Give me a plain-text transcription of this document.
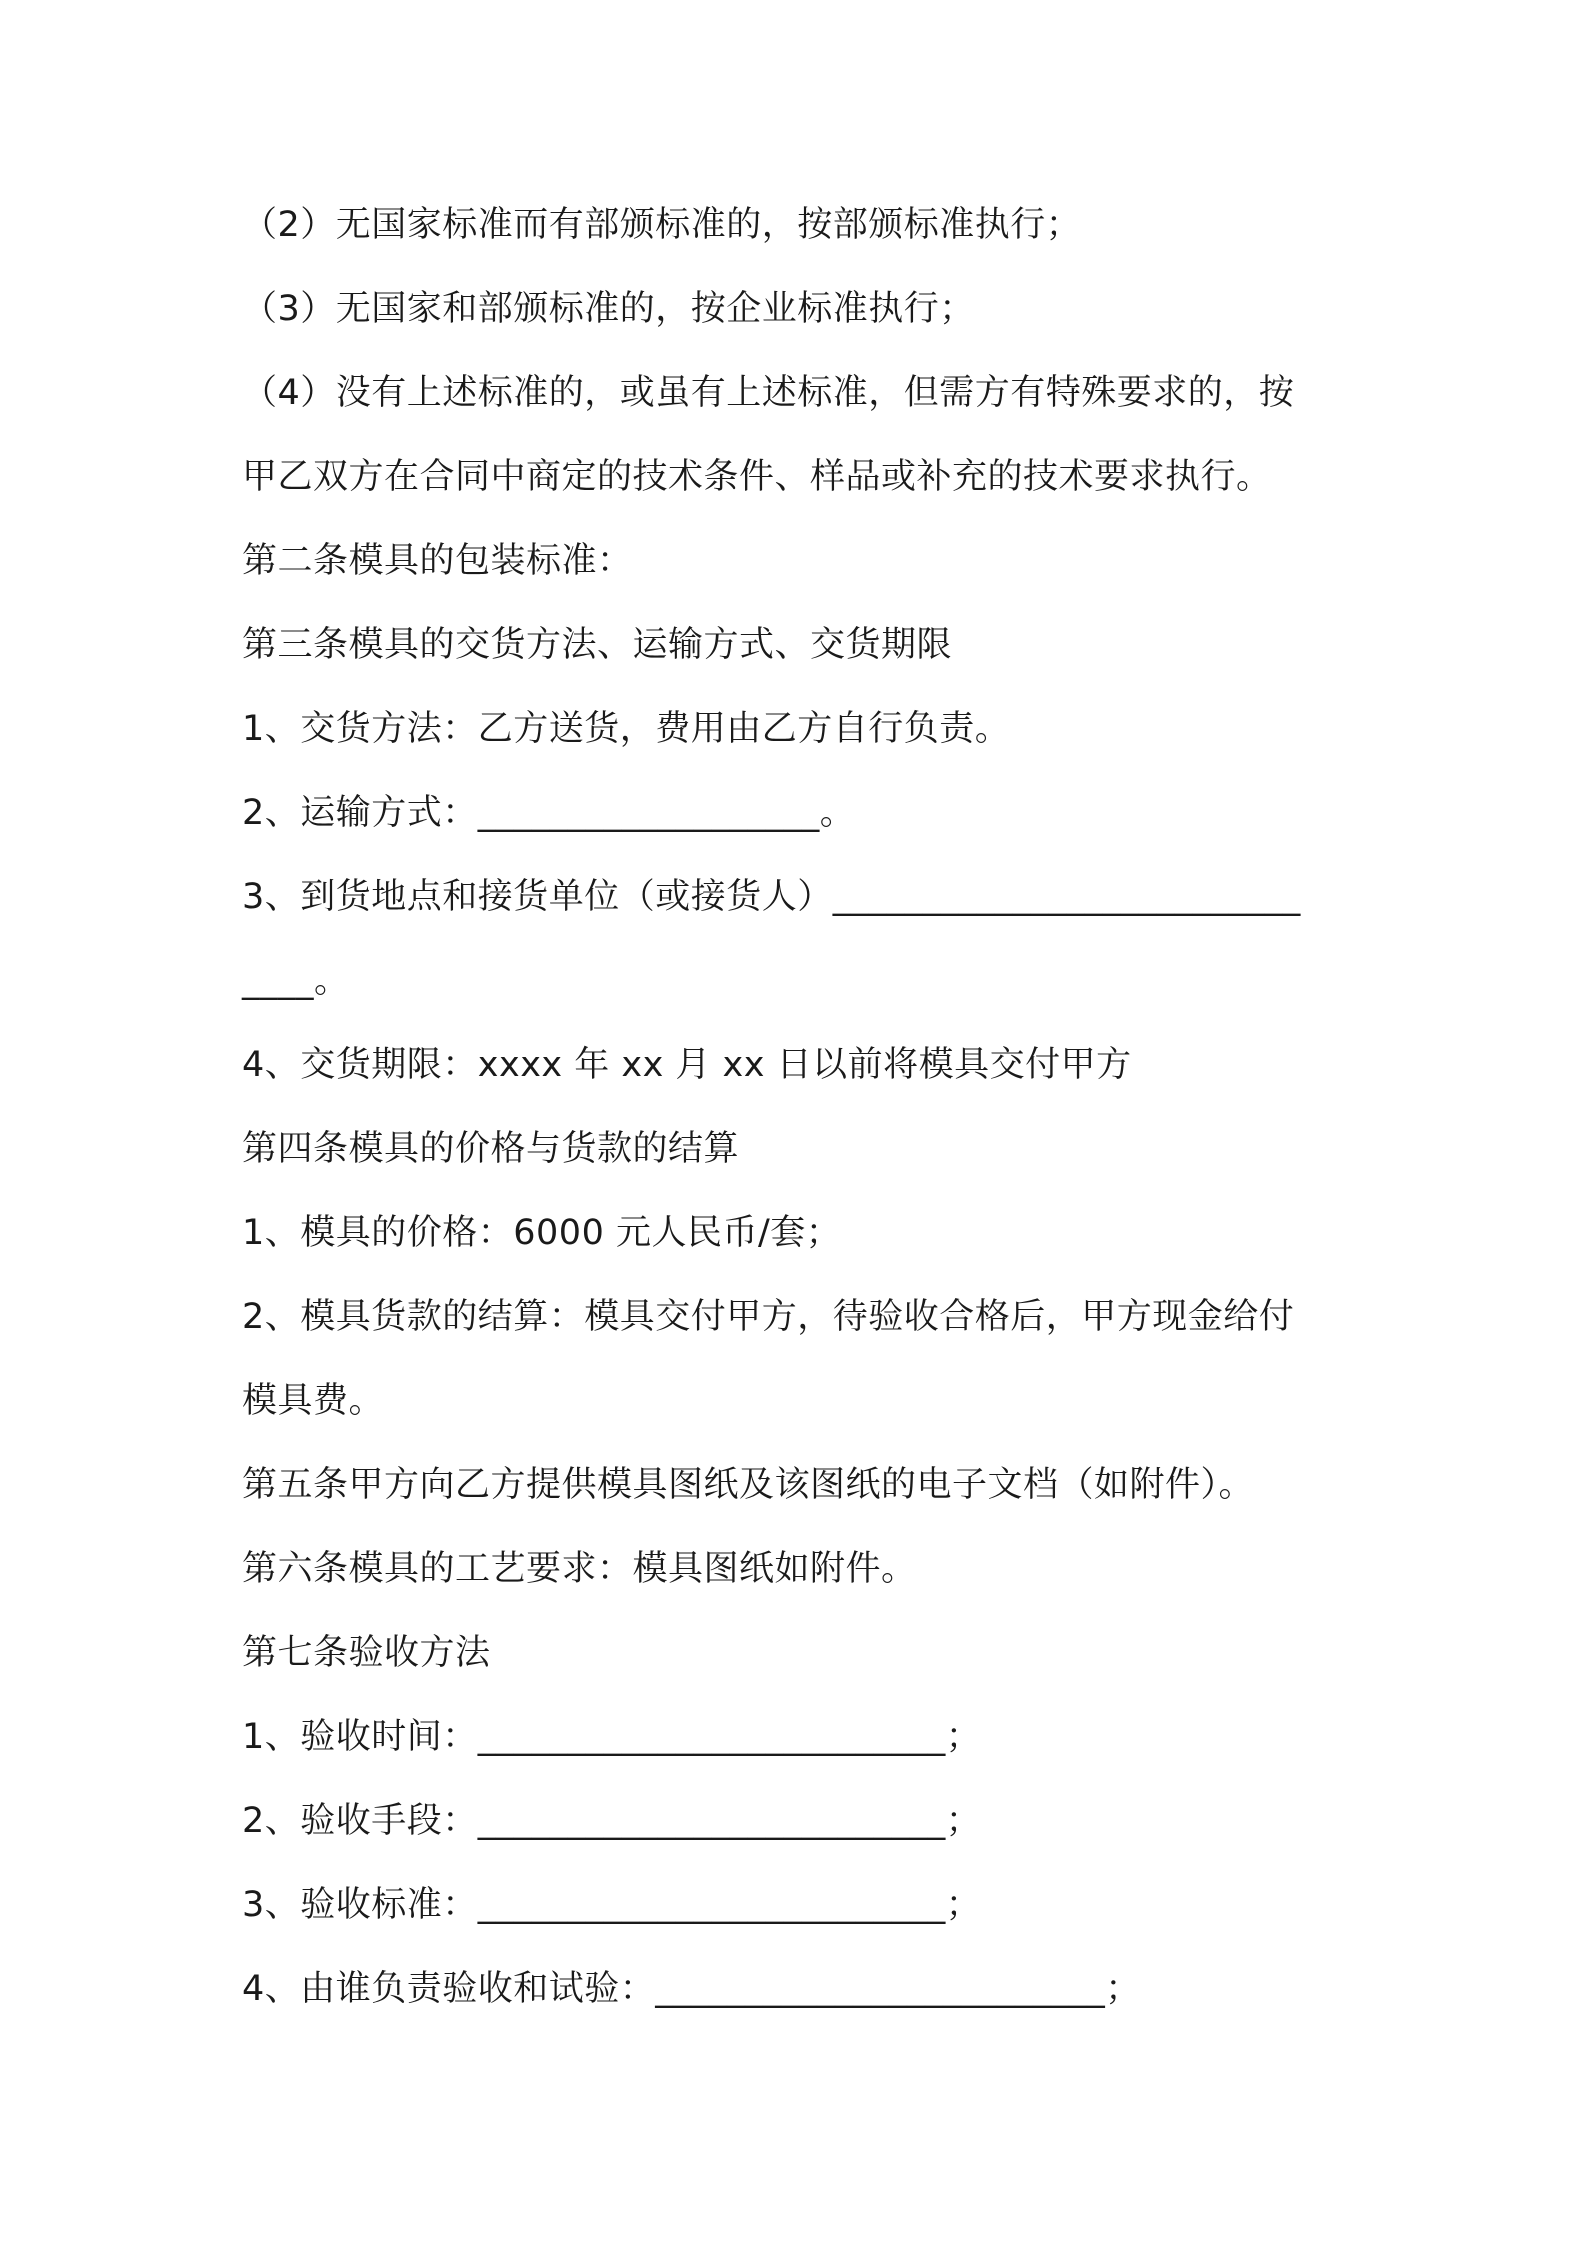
（2）无国家标准而有部颁标准的，按部颁标准执行；
（3）无国家和部颁标准的，按企业标准执行；
（4）没有上述标准的，或虽有上述标准，但需方有特殊要求的，按
甲乙双方在合同中商定的技术条件、样品或补充的技术要求执行。
第二条模具的包装标准：
第三条模具的交货方法、运输方式、交货期限
1、交货方法：乙方送货，费用由乙方自行负责。
2、运输方式：___________________。
3、到货地点和接货单位（或接货人）__________________________
____。
4、交货期限：xxxx 年 xx 月 xx 日以前将模具交付甲方
第四条模具的价格与货款的结算
1、模具的价格：6000 元人民币/套；
2、模具货款的结算：模具交付甲方，待验收合格后，甲方现金给付
模具费。
第五条甲方向乙方提供模具图纸及该图纸的电子文档（如附件）。
第六条模具的工艺要求：模具图纸如附件。
第七条验收方法
1、验收时间：__________________________；
2、验收手段：__________________________；
3、验收标准：__________________________；
4、由谁负责验收和试验：_________________________；
